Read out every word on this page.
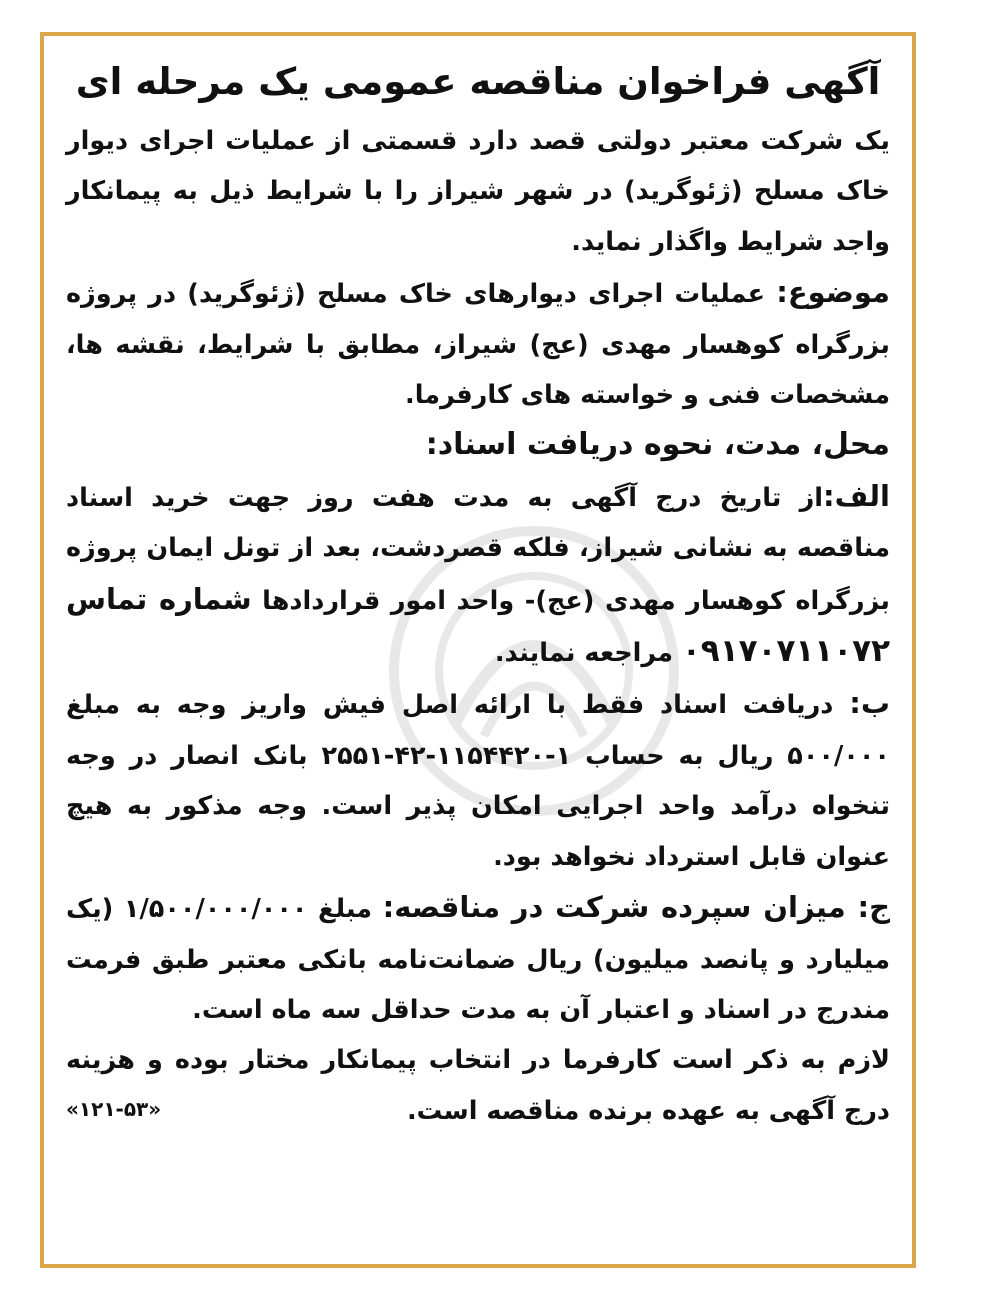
آگهی فراخوان مناقصه عمومی یک مرحله ای

یک شرکت معتبر دولتی قصد دارد قسمتی از عملیات اجرای دیوار خاک مسلح (ژئوگرید) در شهر شیراز را با شرایط ذیل به پیمانکار واجد شرایط واگذار نماید.

موضوع: عملیات اجرای دیوارهای خاک مسلح (ژئوگرید) در پروژه بزرگراه کوهسار مهدی (عج) شیراز، مطابق با شرایط، نقشه ها، مشخصات فنی و خواسته های کارفرما.

محل، مدت، نحوه دریافت اسناد:

الف:از تاریخ درج آگهی به مدت هفت روز جهت خرید اسناد مناقصه به نشانی شیراز، فلکه قصردشت، بعد از تونل ایمان پروژه بزرگراه کوهسار مهدی (عج)- واحد امور قراردادها شماره تماس ۰۹۱۷۰۷۱۱۰۷۲ مراجعه نمایند.

ب: دریافت اسناد فقط با ارائه اصل فیش واریز وجه به مبلغ ۵۰۰/۰۰۰ ریال به حساب ۱-۱۱۵۴۴۲۰-۴۲-۲۵۵۱ بانک انصار در وجه تنخواه درآمد واحد اجرایی امکان پذیر است. وجه مذکور به هیچ عنوان قابل استرداد نخواهد بود.

ج: میزان سپرده شرکت در مناقصه: مبلغ ۱/۵۰۰/۰۰۰/۰۰۰ (یک میلیارد و پانصد میلیون) ریال ضمانت‌نامه بانکی معتبر طبق فرمت مندرج در اسناد و اعتبار آن به مدت حداقل سه ماه است.

لازم به ذکر است کارفرما در انتخاب پیمانکار مختار بوده و هزینه درج آگهی به عهده برنده مناقصه است.
«۱۲۱-۵۳»
